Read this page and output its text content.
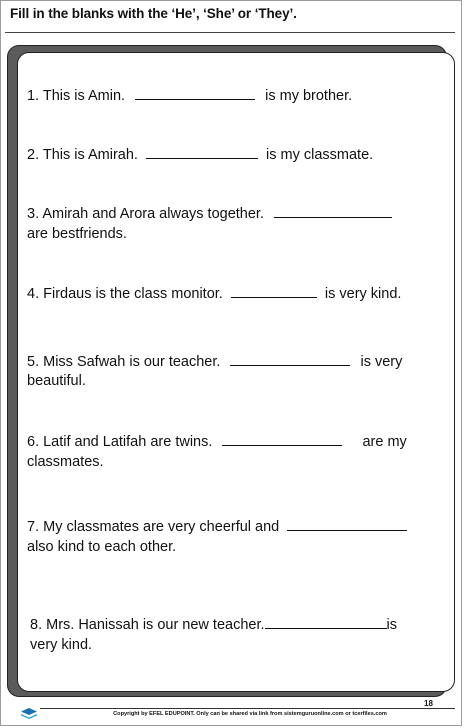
Fill in the blanks with the ‘He’, ‘She’ or ‘They’.
1. This is Amin.	is my brother.
2. This is Amirah.	is my classmate.
3. Amirah and Arora always together.
are bestfriends.
4. Firdaus is the class monitor.	is very kind.
5. Miss Safwah is our teacher.	is very
beautiful.
6. Latif and Latifah are twins.	are my
classmates.
7. My classmates are very cheerful and
also kind to each other.
8. Mrs. Hanissah is our new teacher.	is
very kind.
18
Copyright by EFEL EDUPOINT. Only can be shared via link from sistemguruonline.com or tcerfiles.com
